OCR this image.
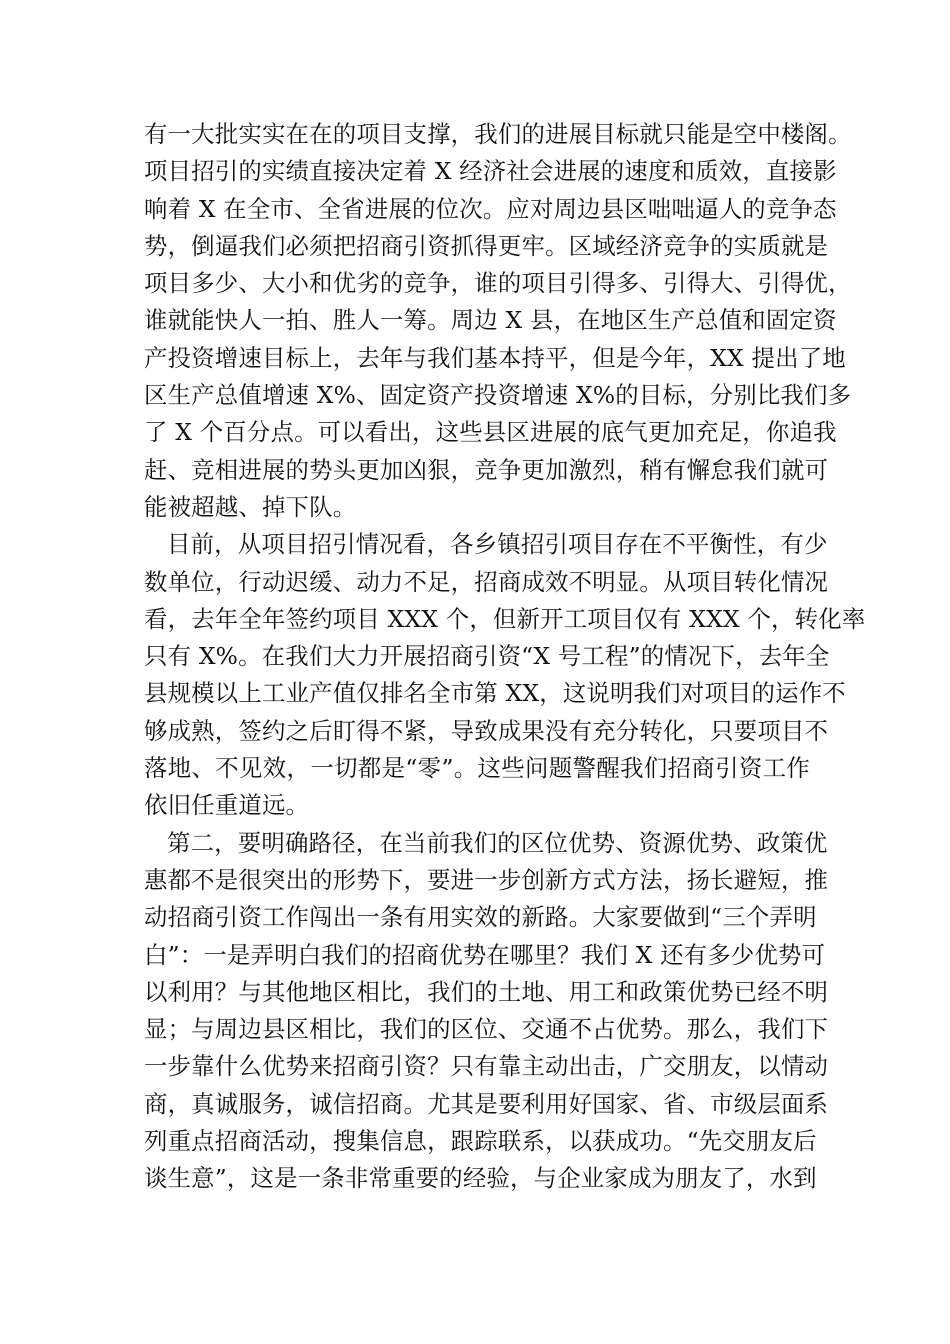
有一大批实实在在的项目支撑，我们的进展目标就只能是空中楼阁。
项目招引的实绩直接决定着 X 经济社会进展的速度和质效，直接影
响着 X 在全市、全省进展的位次。应对周边县区咄咄逼人的竞争态
势，倒逼我们必须把招商引资抓得更牢。区域经济竞争的实质就是
项目多少、大小和优劣的竞争，谁的项目引得多、引得大、引得优，
谁就能快人一拍、胜人一筹。周边 X 县，在地区生产总值和固定资
产投资增速目标上，去年与我们基本持平，但是今年，XX 提出了地
区生产总值增速 X%、固定资产投资增速 X%的目标，分别比我们多
了 X 个百分点。可以看出，这些县区进展的底气更加充足，你追我
赶、竞相进展的势头更加凶狠，竞争更加激烈，稍有懈怠我们就可
能被超越、掉下队。
目前，从项目招引情况看，各乡镇招引项目存在不平衡性，有少
数单位，行动迟缓、动力不足，招商成效不明显。从项目转化情况
看，去年全年签约项目 XXX 个，但新开工项目仅有 XXX 个，转化率
只有 X%。在我们大力开展招商引资“X 号工程”的情况下，去年全
县规模以上工业产值仅排名全市第 XX，这说明我们对项目的运作不
够成熟，签约之后盯得不紧，导致成果没有充分转化，只要项目不
落地、不见效，一切都是“零”。这些问题警醒我们招商引资工作
依旧任重道远。
第二，要明确路径，在当前我们的区位优势、资源优势、政策优
惠都不是很突出的形势下，要进一步创新方式方法，扬长避短，推
动招商引资工作闯出一条有用实效的新路。大家要做到“三个弄明
白”：一是弄明白我们的招商优势在哪里？我们 X 还有多少优势可
以利用？与其他地区相比，我们的土地、用工和政策优势已经不明
显；与周边县区相比，我们的区位、交通不占优势。那么，我们下
一步靠什么优势来招商引资？只有靠主动出击，广交朋友，以情动
商，真诚服务，诚信招商。尤其是要利用好国家、省、市级层面系
列重点招商活动，搜集信息，跟踪联系，以获成功。“先交朋友后
谈生意”，这是一条非常重要的经验，与企业家成为朋友了，水到
